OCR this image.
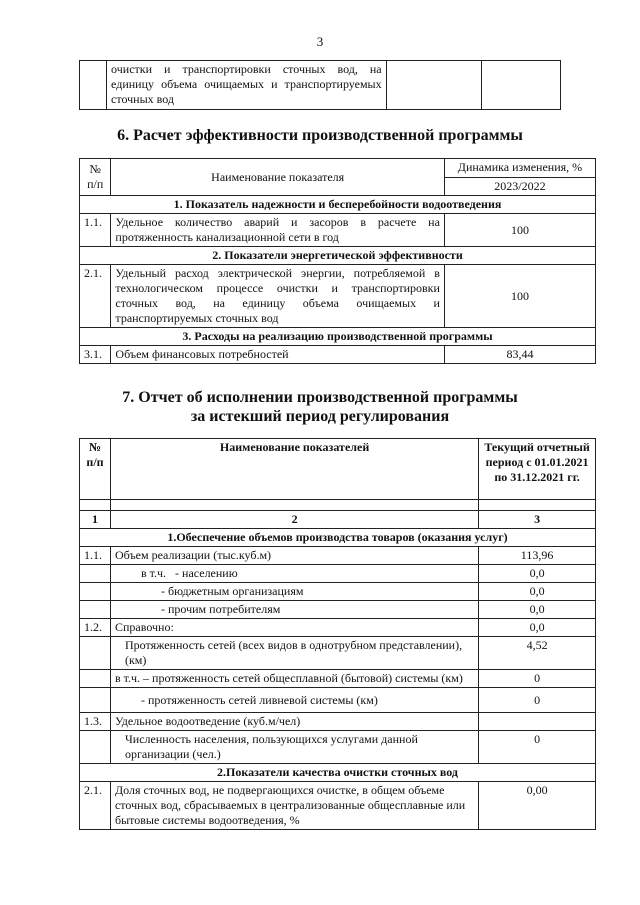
3
	очистки и транспортировки сточных вод, на единицу объема очищаемых и транспортируемых сточных вод		
6. Расчет эффективности производственной программы
№ п/п	Наименование показателя	Динамика изменения, %
		2023/2022
1. Показатель надежности и бесперебойности водоотведения		
1.1.	Удельное количество аварий и засоров в расчете на протяженность канализационной сети в год	100
2. Показатели энергетической эффективности		
2.1.	Удельный расход электрической энергии, потребляемой в технологическом процессе очистки и транспортировки сточных вод, на единицу объема очищаемых и транспортируемых сточных вод	100
3. Расходы на реализацию производственной программы		
3.1.	Объем финансовых потребностей	83,44
7. Отчет об исполнении производственной программы
за истекший период регулирования
№ п/п	Наименование показателей	Текущий отчетный период с 01.01.2021 по 31.12.2021 гг.

1	2	3
1.Обеспечение объемов производства товаров (оказания услуг)		
1.1.	Объем реализации (тыс.куб.м)	113,96
	в т.ч.   - населению	0,0
	- бюджетным организациям	0,0
	- прочим потребителям	0,0
1.2.	Справочно:	0,0
	Протяженность сетей (всех видов в однотрубном представлении), (км)	4,52
	в т.ч. – протяженность сетей общесплавной (бытовой) системы (км)	0
	- протяженность сетей ливневой системы (км)	0
1.3.	Удельное водоотведение (куб.м/чел)	
	Численность населения, пользующихся услугами данной организации (чел.)	0
2.Показатели качества очистки сточных вод		
2.1.	Доля сточных вод, не подвергающихся очистке, в общем объеме сточных вод, сбрасываемых в централизованные общесплавные или бытовые системы водоотведения, %	0,00
